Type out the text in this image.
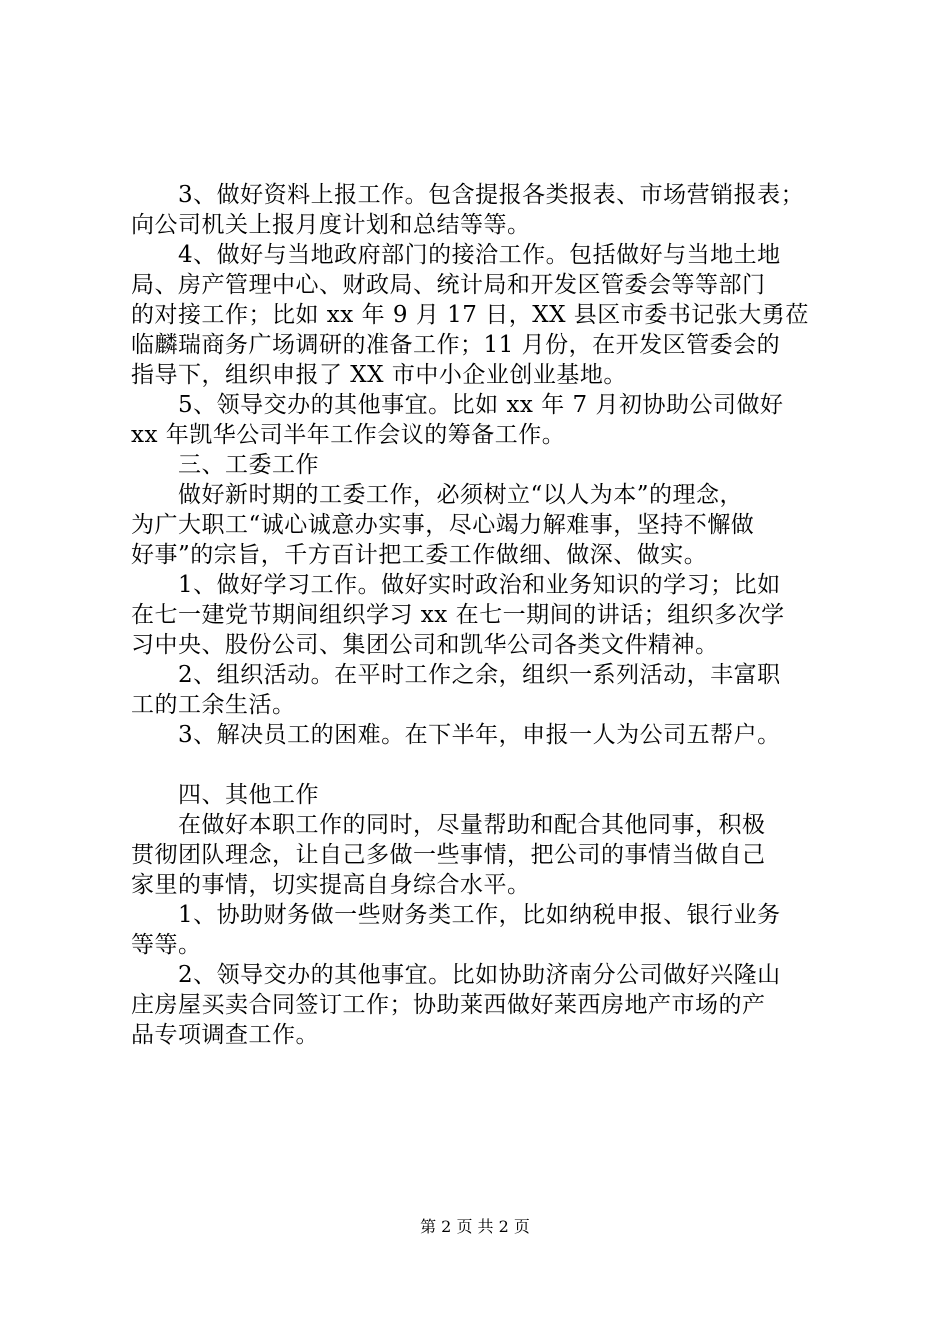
3、做好资料上报工作。包含提报各类报表、市场营销报表；
向公司机关上报月度计划和总结等等。
4、做好与当地政府部门的接洽工作。包括做好与当地土地
局、房产管理中心、财政局、统计局和开发区管委会等等部门
的对接工作；比如 xx 年 9 月 17 日，XX 县区市委书记张大勇莅
临麟瑞商务广场调研的准备工作；11 月份，在开发区管委会的
指导下，组织申报了 XX 市中小企业创业基地。
5、领导交办的其他事宜。比如 xx 年 7 月初协助公司做好
xx 年凯华公司半年工作会议的筹备工作。
三、工委工作
做好新时期的工委工作，必须树立“以人为本”的理念，
为广大职工“诚心诚意办实事，尽心竭力解难事，坚持不懈做
好事”的宗旨，千方百计把工委工作做细、做深、做实。
1、做好学习工作。做好实时政治和业务知识的学习；比如
在七一建党节期间组织学习 xx 在七一期间的讲话；组织多次学
习中央、股份公司、集团公司和凯华公司各类文件精神。
2、组织活动。在平时工作之余，组织一系列活动，丰富职
工的工余生活。
3、解决员工的困难。在下半年，申报一人为公司五帮户。
四、其他工作
在做好本职工作的同时，尽量帮助和配合其他同事，积极
贯彻团队理念，让自己多做一些事情，把公司的事情当做自己
家里的事情，切实提高自身综合水平。
1、协助财务做一些财务类工作，比如纳税申报、银行业务
等等。
2、领导交办的其他事宜。比如协助济南分公司做好兴隆山
庄房屋买卖合同签订工作；协助莱西做好莱西房地产市场的产
品专项调查工作。
第 2 页 共 2 页
